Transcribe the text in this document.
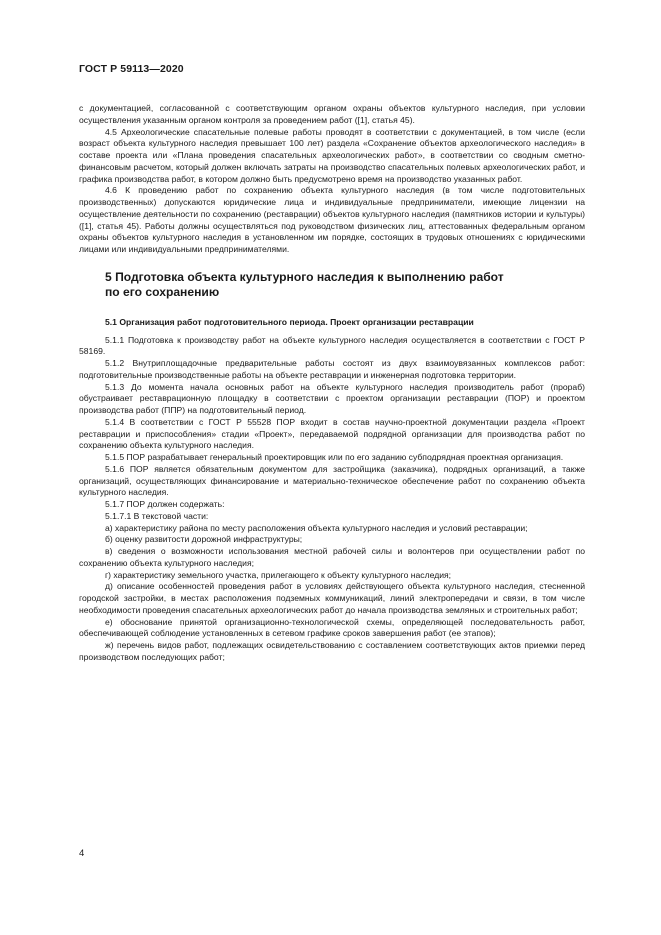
ГОСТ Р 59113—2020

с документацией, согласованной с соответствующим органом охраны объектов культурного наследия, при условии осуществления указанным органом контроля за проведением работ ([1], статья 45).

4.5 Археологические спасательные полевые работы проводят в соответствии с документацией, в том числе (если возраст объекта культурного наследия превышает 100 лет) раздела «Сохранение объектов археологического наследия» в составе проекта или «Плана проведения спасательных археологических работ», в соответствии со сводным сметно-финансовым расчетом, который должен включать затраты на производство спасательных полевых археологических работ, и графика производства работ, в котором должно быть предусмотрено время на производство указанных работ.

4.6 К проведению работ по сохранению объекта культурного наследия (в том числе подготовительных производственных) допускаются юридические лица и индивидуальные предприниматели, имеющие лицензии на осуществление деятельности по сохранению (реставрации) объектов культурного наследия (памятников истории и культуры) ([1], статья 45). Работы должны осуществляться под руководством физических лиц, аттестованных федеральным органом охраны объектов культурного наследия в установленном им порядке, состоящих в трудовых отношениях с юридическими лицами или индивидуальными предпринимателями.

5 Подготовка объекта культурного наследия к выполнению работ
по его сохранению

5.1 Организация работ подготовительного периода. Проект организации реставрации

5.1.1 Подготовка к производству работ на объекте культурного наследия осуществляется в соответствии с ГОСТ Р 58169.

5.1.2 Внутриплощадочные предварительные работы состоят из двух взаимоувязанных комплексов работ: подготовительные производственные работы на объекте реставрации и инженерная подготовка территории.

5.1.3 До момента начала основных работ на объекте культурного наследия производитель работ (прораб) обустраивает реставрационную площадку в соответствии с проектом организации реставрации (ПОР) и проектом производства работ (ППР) на подготовительный период.

5.1.4 В соответствии с ГОСТ Р 55528 ПОР входит в состав научно-проектной документации раздела «Проект реставрации и приспособления» стадии «Проект», передаваемой подрядной организации для производства работ по сохранению объекта культурного наследия.

5.1.5 ПОР разрабатывает генеральный проектировщик или по его заданию субподрядная проектная организация.

5.1.6 ПОР является обязательным документом для застройщика (заказчика), подрядных организаций, а также организаций, осуществляющих финансирование и материально-техническое обеспечение работ по сохранению объекта культурного наследия.

5.1.7 ПОР должен содержать:

5.1.7.1 В текстовой части:

а) характеристику района по месту расположения объекта культурного наследия и условий реставрации;

б) оценку развитости дорожной инфраструктуры;

в) сведения о возможности использования местной рабочей силы и волонтеров при осуществлении работ по сохранению объекта культурного наследия;

г) характеристику земельного участка, прилегающего к объекту культурного наследия;

д) описание особенностей проведения работ в условиях действующего объекта культурного наследия, стесненной городской застройки, в местах расположения подземных коммуникаций, линий электропередачи и связи, в том числе необходимости проведения спасательных археологических работ до начала производства земляных и строительных работ;

е) обоснование принятой организационно-технологической схемы, определяющей последовательность работ, обеспечивающей соблюдение установленных в сетевом графике сроков завершения работ (ее этапов);

ж) перечень видов работ, подлежащих освидетельствованию с составлением соответствующих актов приемки перед производством последующих работ;

4
